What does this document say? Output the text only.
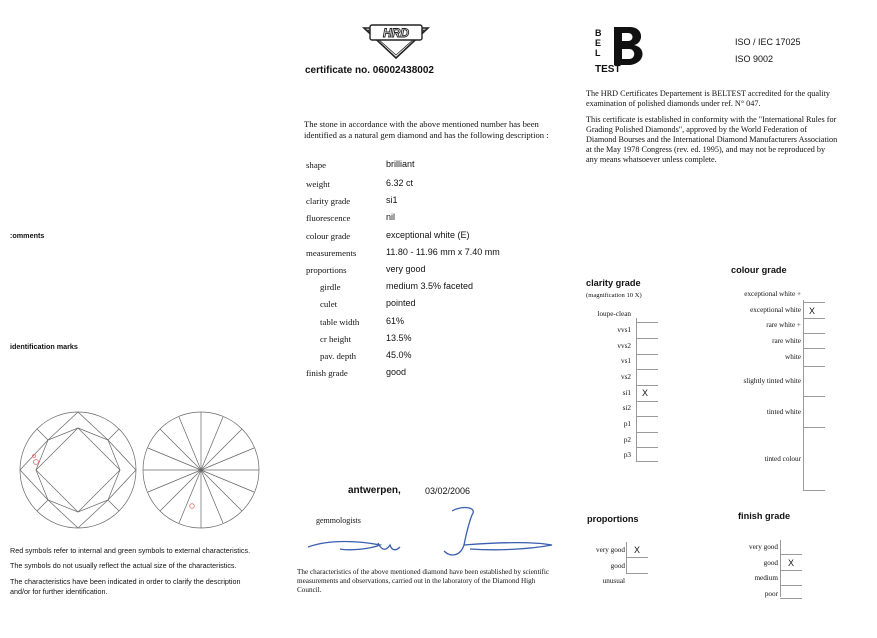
HRD
certificate no. 06002438002
The stone in accordance with the above mentioned number has been identified as a natural gem diamond and has the following description :
shape	brilliant
weight	6.32 ct
clarity grade	si1
fluorescence	nil
colour grade	exceptional white (E)
measurements	11.80 - 11.96 mm x 7.40 mm
proportions	very good
girdle	medium 3.5% faceted
culet	pointed
table width	61%
cr height	13.5%
pav. depth	45.0%
finish grade	good
:omments
identification marks
Red symbols refer to internal and green symbols to external characteristics.
The symbols do not usually reflect the actual size of the characteristics.
The characteristics have been indicated in order to clarify the description
and/or for further identification.
antwerpen,	03/02/2006
gemmologists
The characteristics of the above mentioned diamond have been established by scientific measurements and observations, carried out in the laboratory of the Diamond High Council.
B
E
L
TEST
ISO / IEC 17025
ISO 9002
The HRD Certificates Departement is BELTEST accredited for the quality examination of polished diamonds under ref. N° 047.
This certificate is established in conformity with the "International Rules for Grading Polished Diamonds", approved by the World Federation of Diamond Bourses and the International Diamond Manufacturers Association at the May 1978 Congress (rev. ed. 1995), and may not be reproduced by any means whatsoever unless complete.
clarity grade
(magnification 10 X)
loupe-clean
vvs1
vvs2
vs1
vs2
si1 X
si2
p1
p2
p3
colour grade
exceptional white +
exceptional white X
rare white +
rare white
white
slightly tinted white
tinted white
tinted colour
proportions
very good X
good
unusual
finish grade
very good
good X
medium
poor
